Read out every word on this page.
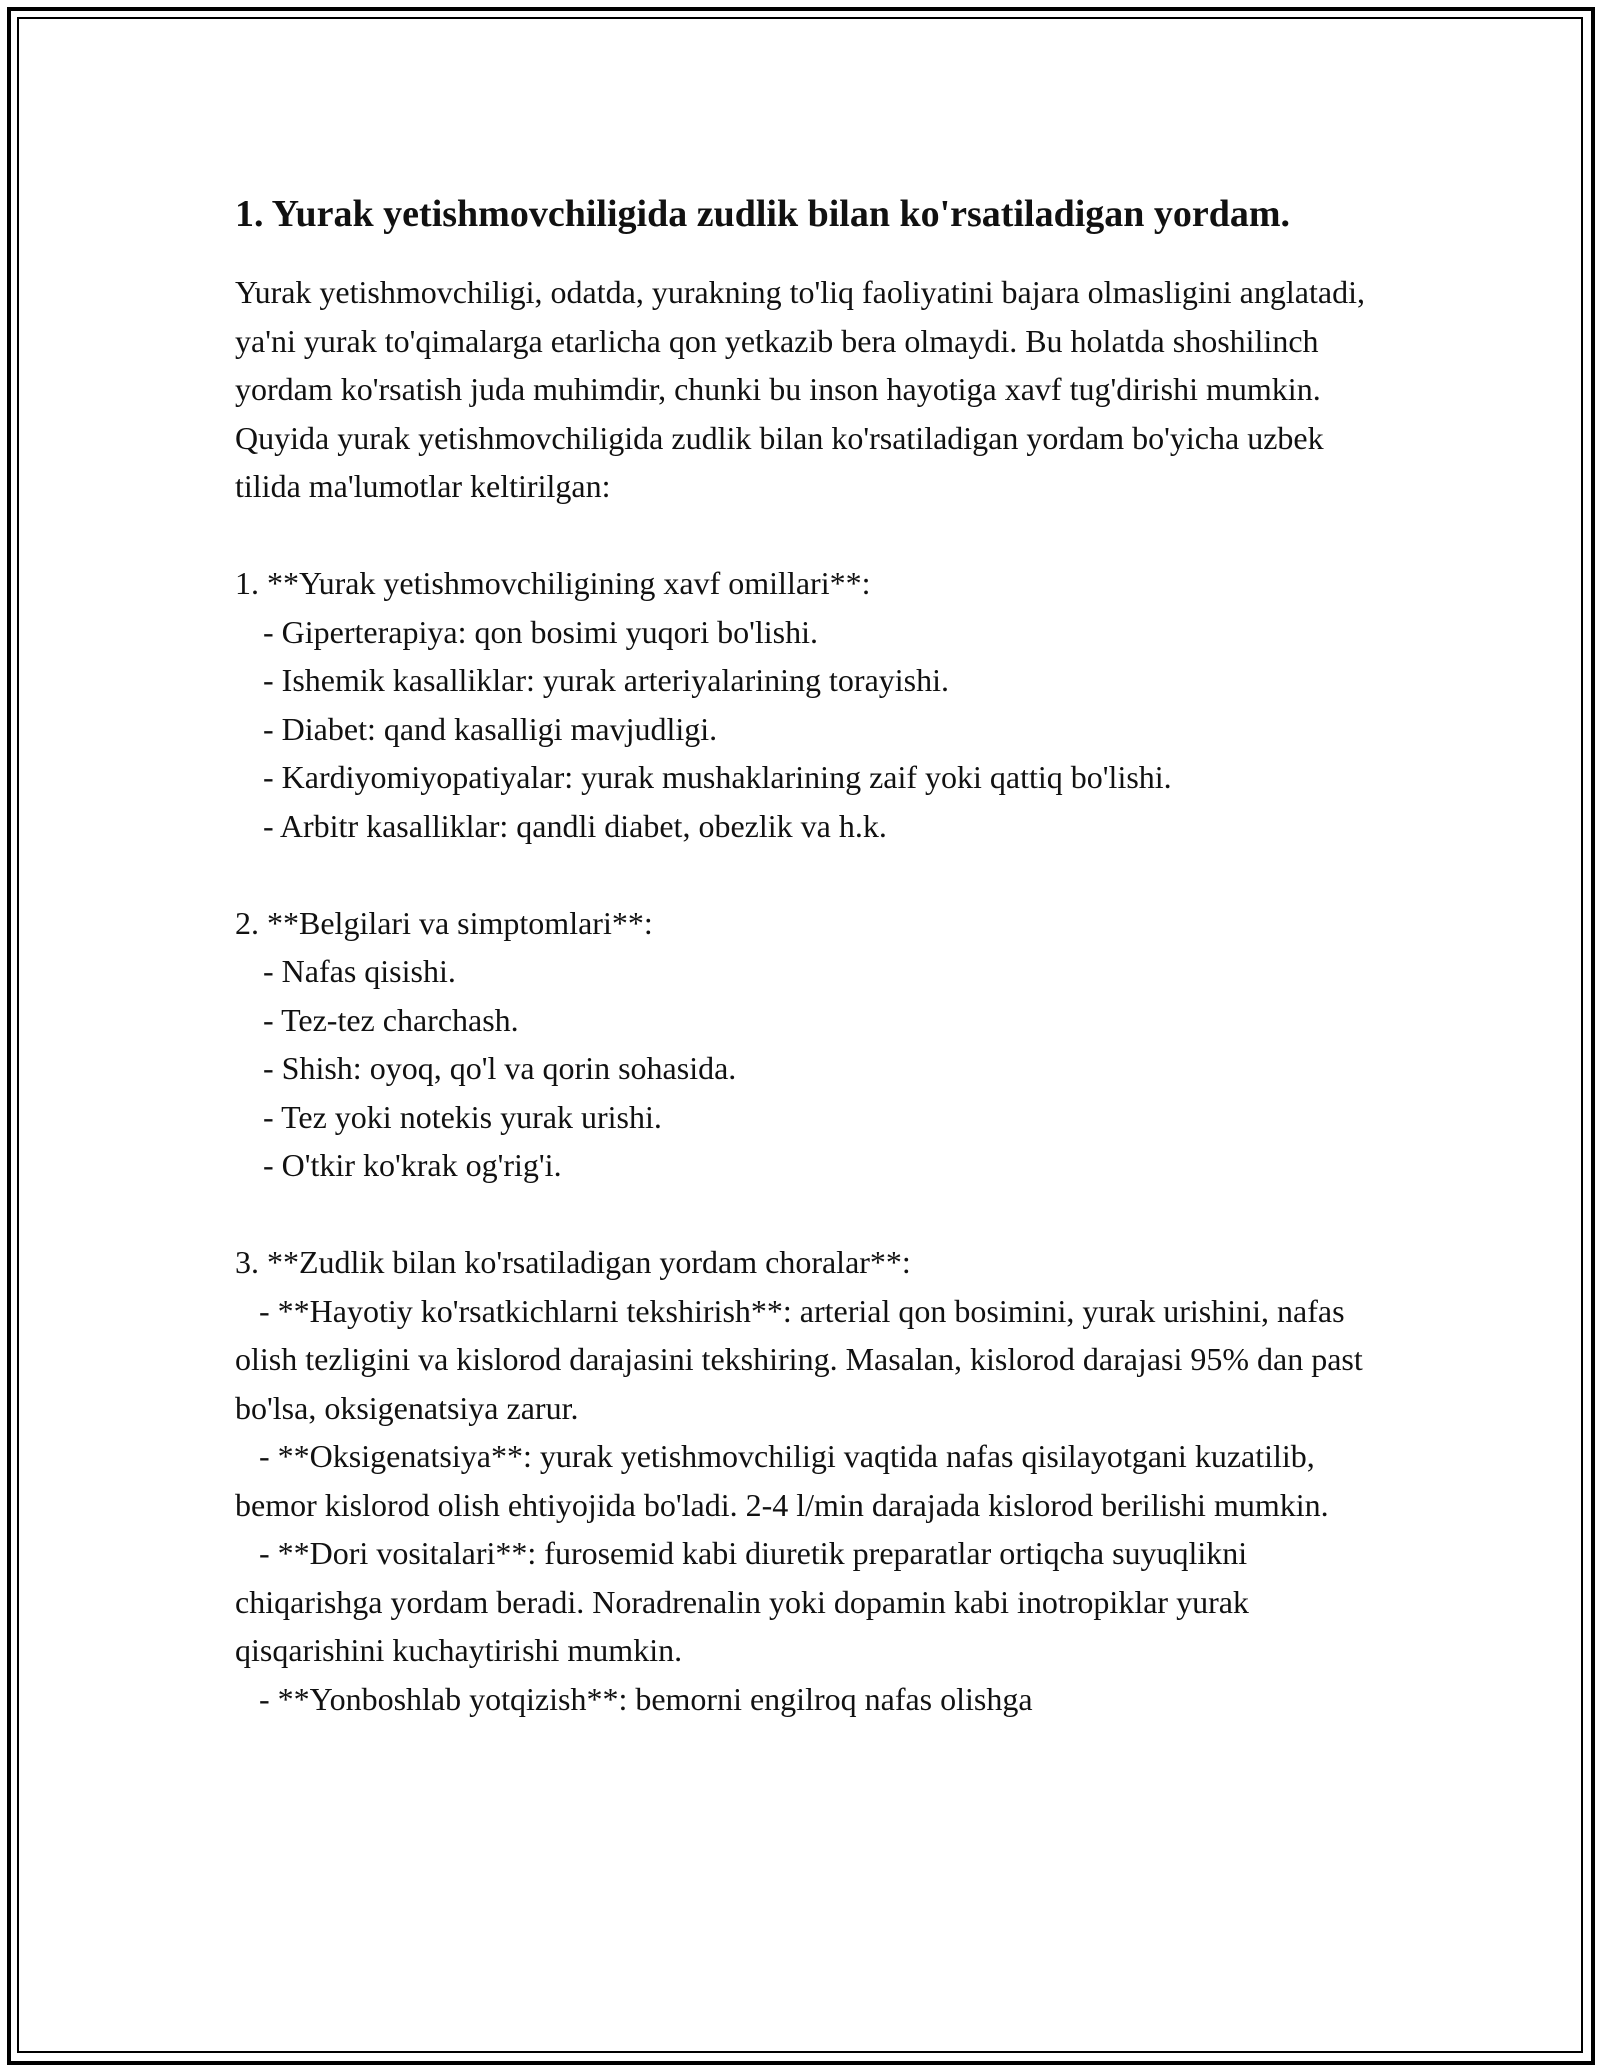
1. Yurak yetishmovchiligida zudlik bilan ko'rsatiladigan yordam.

Yurak yetishmovchiligi, odatda, yurakning to'liq faoliyatini bajara olmasligini anglatadi, ya'ni yurak to'qimalarga etarlicha qon yetkazib bera olmaydi. Bu holatda shoshilinch yordam ko'rsatish juda muhimdir, chunki bu inson hayotiga xavf tug'dirishi mumkin. Quyida yurak yetishmovchiligida zudlik bilan ko'rsatiladigan yordam bo'yicha uzbek tilida ma'lumotlar keltirilgan:

1. **Yurak yetishmovchiligining xavf omillari**:
- Giperterapiya: qon bosimi yuqori bo'lishi.
- Ishemik kasalliklar: yurak arteriyalarining torayishi.
- Diabet: qand kasalligi mavjudligi.
- Kardiyomiyopatiyalar: yurak mushaklarining zaif yoki qattiq bo'lishi.
- Arbitr kasalliklar: qandli diabet, obezlik va h.k.
2. **Belgilari va simptomlari**:
- Nafas qisishi.
- Tez-tez charchash.
- Shish: oyoq, qo'l va qorin sohasida.
- Tez yoki notekis yurak urishi.
- O'tkir ko'krak og'rig'i.
3. **Zudlik bilan ko'rsatiladigan yordam choralar**:
- **Hayotiy ko'rsatkichlarni tekshirish**: arterial qon bosimini, yurak urishini, nafas olish tezligini va kislorod darajasini tekshiring. Masalan, kislorod darajasi 95% dan past bo'lsa, oksigenatsiya zarur.
- **Oksigenatsiya**: yurak yetishmovchiligi vaqtida nafas qisilayotgani kuzatilib, bemor kislorod olish ehtiyojida bo'ladi. 2-4 l/min darajada kislorod berilishi mumkin.
- **Dori vositalari**: furosemid kabi diuretik preparatlar ortiqcha suyuqlikni chiqarishga yordam beradi. Noradrenalin yoki dopamin kabi inotropiklar yurak qisqarishini kuchaytirishi mumkin.
- **Yonboshlab yotqizish**: bemorni engilroq nafas olishga
